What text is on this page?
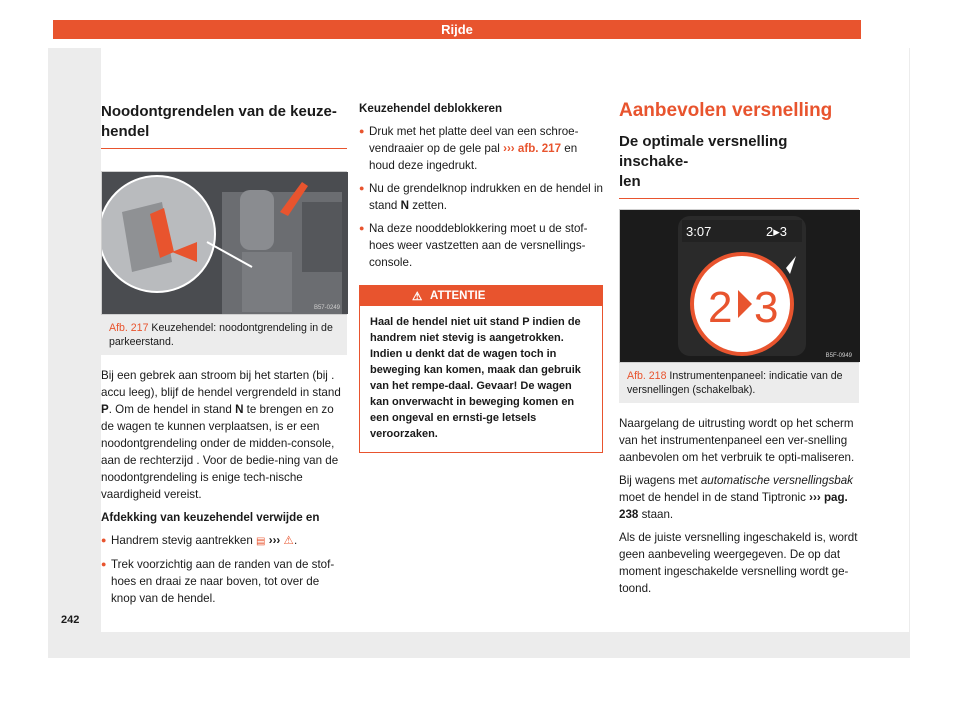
Rijde
Noodontgrendelen van de keuze-
hendel
B57-0249
Afb. 217 Keuzehendel: noodontgrendeling in de parkeerstand.

Bij een gebrek aan stroom bij het starten (bij . accu leeg), blijf de hendel vergrendeld in stand P. Om de hendel in stand N te brengen en zo de wagen te kunnen verplaatsen, is er een noodontgrendeling onder de midden-console, aan de rechterzijd . Voor de bedie-ning van de noodontgrendeling is enige tech-nische vaardigheid vereist.

Afdekking van keuzehendel verwijde en

● Handrem stevig aantrekken ▤ ››› ⚠.

● Trek voorzichtig aan de randen van de stof-hoes en draai ze naar boven, tot over de knop van de hendel.

Keuzehendel deblokkeren

● Druk met het platte deel van een schroe-vendraaier op de gele pal ››› afb. 217 en houd deze ingedrukt.

● Nu de grendelknop indrukken en de hendel in stand N zetten.

● Na deze nooddeblokkering moet u de stof-hoes weer vastzetten aan de versnellings-console.

⚠ ATTENTIE
Haal de hendel niet uit stand P indien de handrem niet stevig is aangetrokken. Indien u denkt dat de wagen toch in beweging kan komen, maak dan gebruik van het rempe-daal. Gevaar! De wagen kan onverwacht in beweging komen en een ongeval en ernsti-ge letsels veroorzaken.
Aanbevolen versnelling
De optimale versnelling inschake-
len
3:07	2▸3
2 3
B5F-0949
Afb. 218 Instrumentenpaneel: indicatie van de versnellingen (schakelbak).

Naargelang de uitrusting wordt op het scherm van het instrumentenpaneel een ver-snelling aanbevolen om het verbruik te opti-maliseren.

Bij wagens met automatische versnellingsbak moet de hendel in de stand Tiptronic ››› pag. 238 staan.

Als de juiste versnelling ingeschakeld is, wordt geen aanbeveling weergegeven. De op dat moment ingeschakelde versnelling wordt ge-toond.

242
